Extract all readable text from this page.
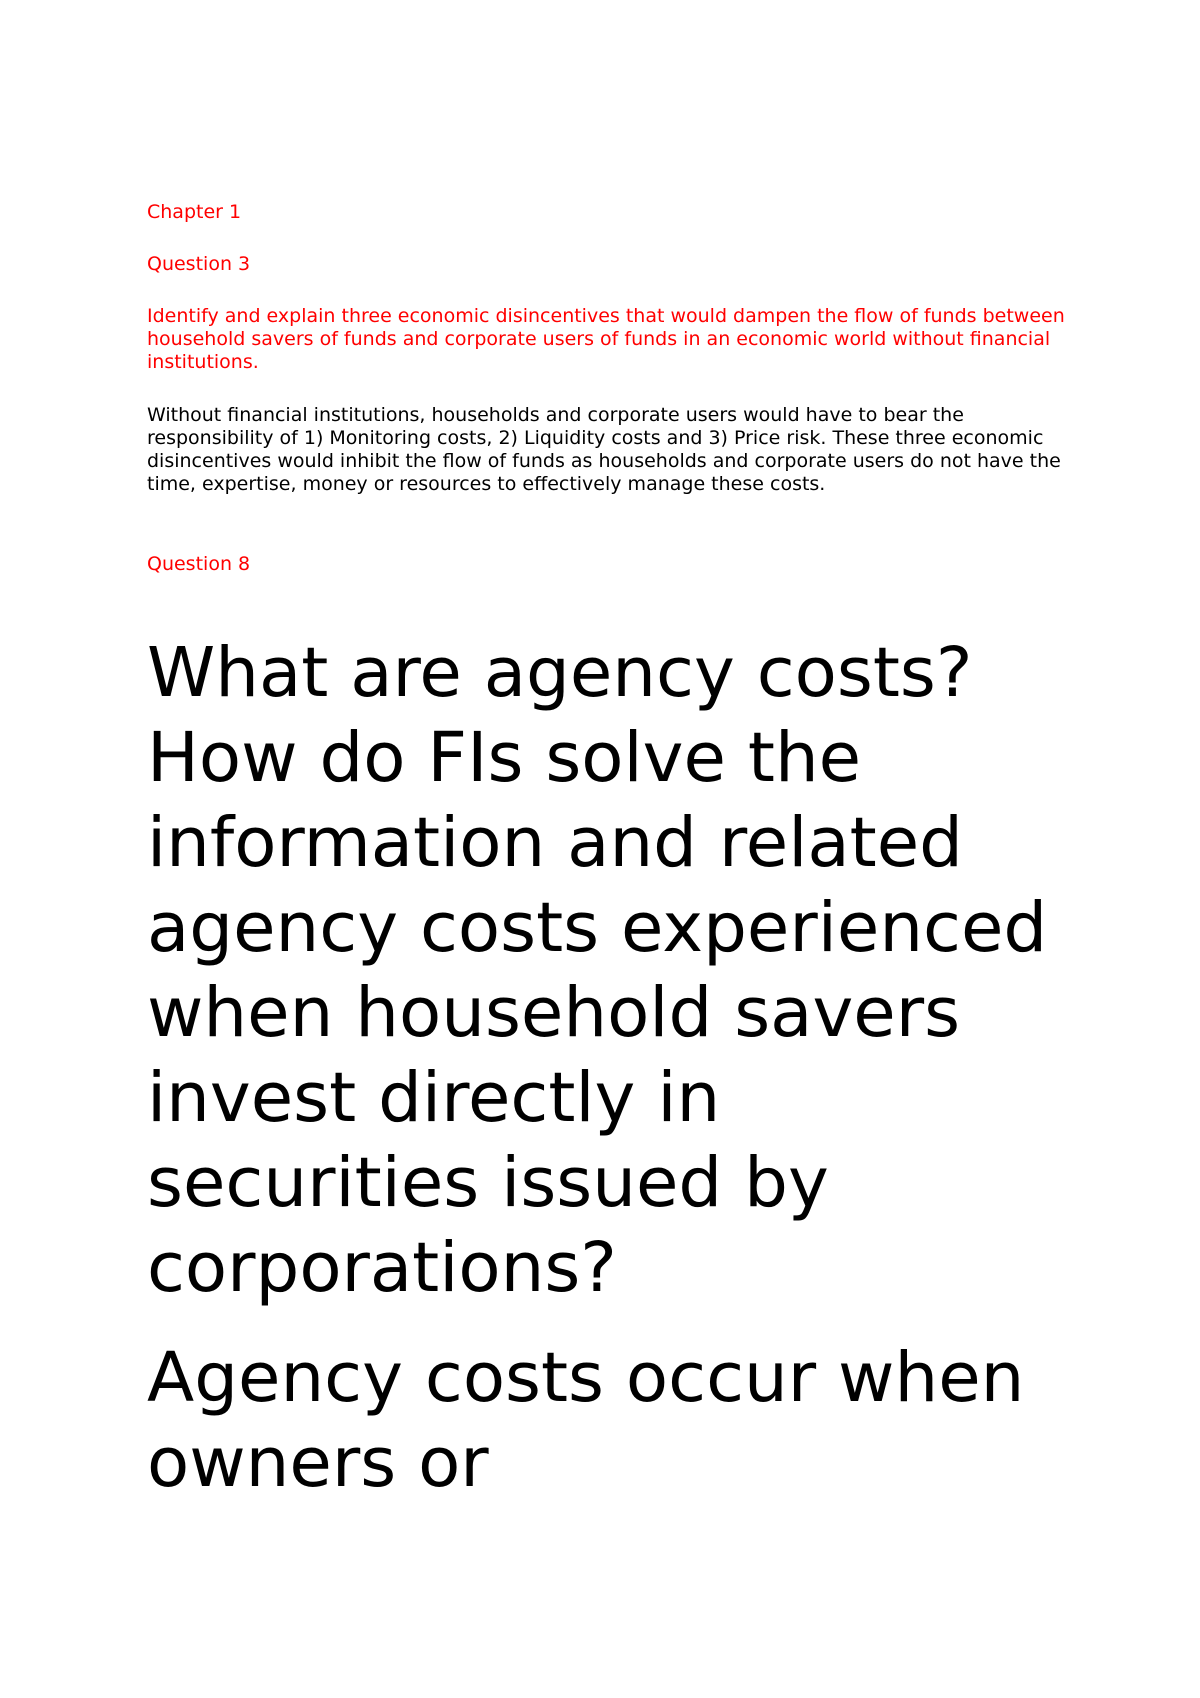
Chapter 1

Question 3

Identify and explain three economic disincentives that would dampen the flow of funds between household savers of funds and corporate users of funds in an economic world without financial institutions.

Without financial institutions, households and corporate users would have to bear the responsibility of 1) Monitoring costs, 2) Liquidity costs and 3) Price risk. These three economic disincentives would inhibit the flow of funds as households and corporate users do not have the time, expertise, money or resources to effectively manage these costs.

Question 8

What are agency costs? How do FIs solve the information and related agency costs experienced when household savers invest directly in securities issued by corporations?

Agency costs occur when owners or
